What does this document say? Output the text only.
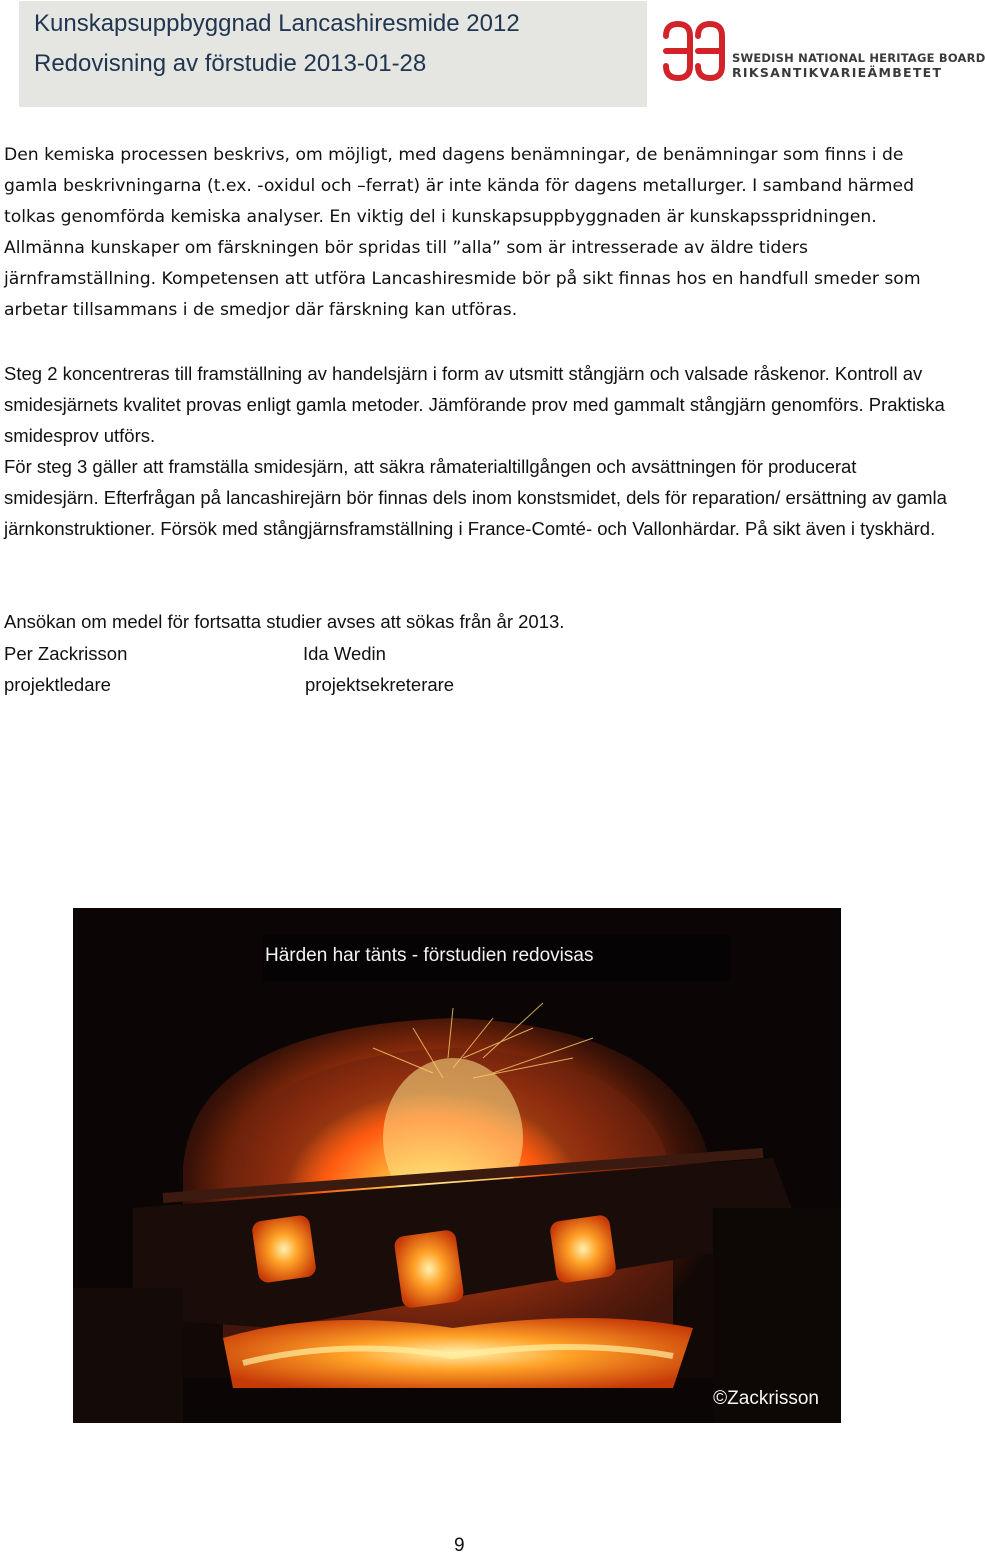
Kunskapsuppbyggnad Lancashiresmide 2012
Redovisning av förstudie 2013-01-28	SWEDISH NATIONAL HERITAGE BOARD
RIKSANTIKVARIEÄMBETET
Den kemiska processen beskrivs, om möjligt, med dagens benämningar, de benämningar som finns i de gamla beskrivningarna (t.ex. -oxidul och –ferrat) är inte kända för dagens metallurger. I samband härmed tolkas genomförda kemiska analyser. En viktig del i kunskapsuppbyggnaden är kunskapsspridningen. Allmänna kunskaper om färskningen bör spridas till ”alla” som är intresserade av äldre tiders järnframställning. Kompetensen att utföra Lancashiresmide bör på sikt finnas hos en handfull smeder som arbetar tillsammans i de smedjor där färskning kan utföras.
Steg 2 koncentreras till framställning av handelsjärn i form av utsmitt stångjärn och valsade råskenor. Kontroll av smidesjärnets kvalitet provas enligt gamla metoder. Jämförande prov med gammalt stångjärn genomförs. Praktiska smidesprov utförs.
För steg 3 gäller att framställa smidesjärn, att säkra råmaterialtillgången och avsättningen för producerat smidesjärn. Efterfrågan på lancashirejärn bör finnas dels inom konstsmidet, dels för reparation/ ersättning av gamla järnkonstruktioner. Försök med stångjärnsframställning i France-Comté- och Vallonhärdar. På sikt även i tyskhärd.
Ansökan om medel för fortsatta studier avses att sökas från år 2013.
Per Zackrisson	Ida Wedin
projektledare	projektsekreterare
Härden har tänts - förstudien redovisas
©Zackrisson
9
